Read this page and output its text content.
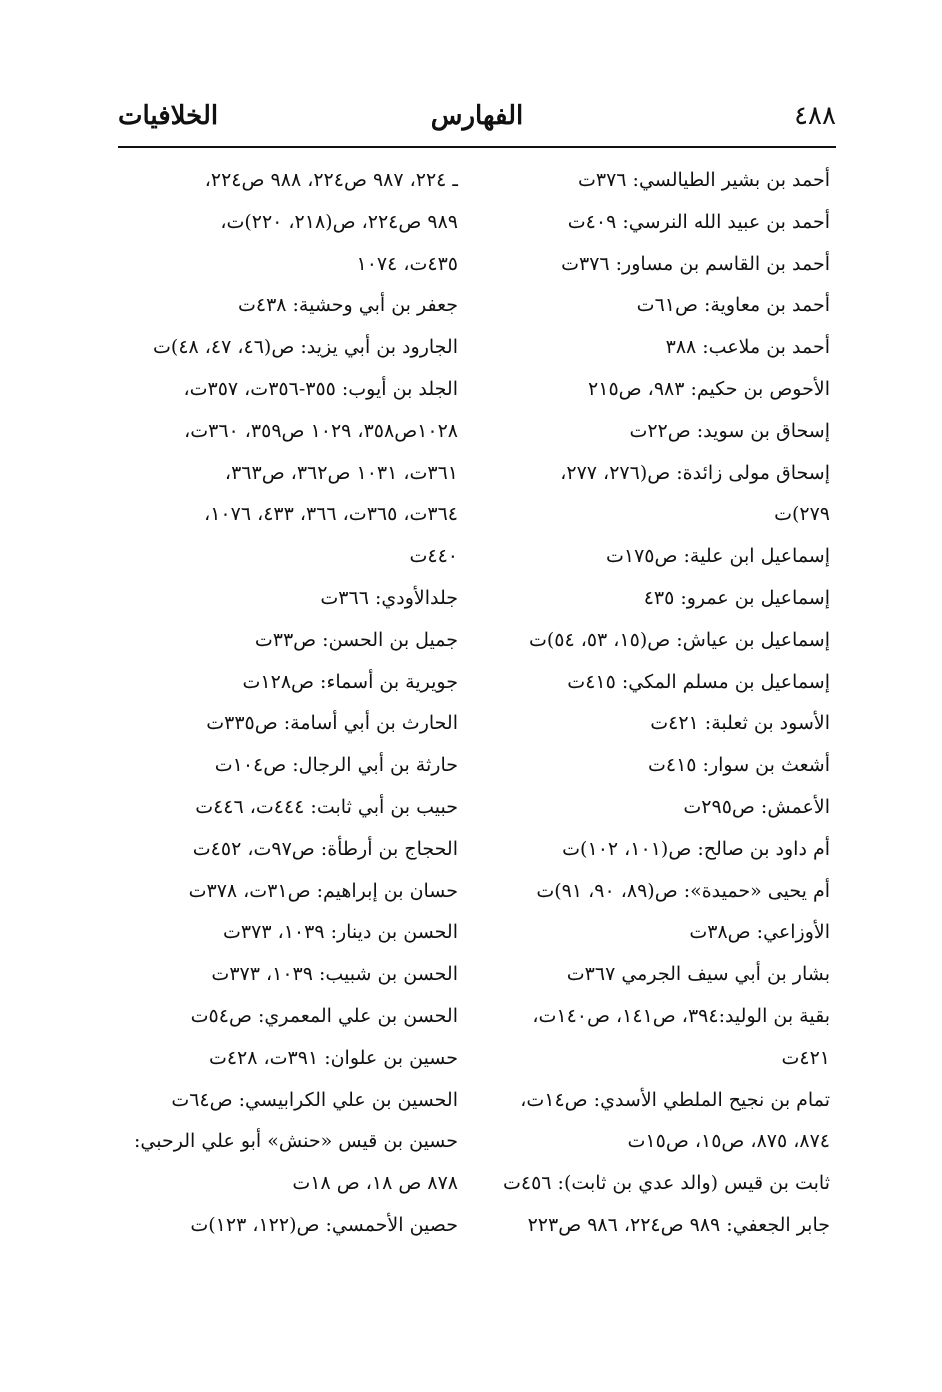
الخلافيات	الفهارس	٤٨٨
أحمد بن بشير الطيالسي: ٣٧٦ت
أحمد بن عبيد الله النرسي: ٤٠٩ت
أحمد بن القاسم بن مساور: ٣٧٦ت
أحمد بن معاوية: ص٦١ت
أحمد بن ملاعب: ٣٨٨
الأحوص بن حكيم: ٩٨٣، ص٢١٥
إسحاق بن سويد: ص٢٢ت
إسحاق مولى زائدة: ص(٢٧٦، ٢٧٧،
٢٧٩)ت
إسماعيل ابن علية: ص١٧٥ت
إسماعيل بن عمرو: ٤٣٥
إسماعيل بن عياش: ص(١٥، ٥٣، ٥٤)ت
إسماعيل بن مسلم المكي: ٤١٥ت
الأسود بن ثعلبة: ٤٢١ت
أشعث بن سوار: ٤١٥ت
الأعمش: ص٢٩٥ت
أم داود بن صالح: ص(١٠١، ١٠٢)ت
أم يحيى «حميدة»: ص(٨٩، ٩٠، ٩١)ت
الأوزاعي: ص٣٨ت
بشار بن أبي سيف الجرمي ٣٦٧ت
بقية بن الوليد:٣٩٤، ص١٤١، ص١٤٠ت،
٤٢١ت
تمام بن نجيح الملطي الأسدي: ص١٤ت،
٨٧٤، ٨٧٥، ص١٥، ص١٥ت
ثابت بن قيس (والد عدي بن ثابت): ٤٥٦ت
جابر الجعفي: ٩٨٩ ص٢٢٤، ٩٨٦ ص٢٢٣
ـ ٢٢٤، ٩٨٧ ص٢٢٤، ٩٨٨ ص٢٢٤،
٩٨٩ ص٢٢٤، ص(٢١٨، ٢٢٠)ت،
٤٣٥ت، ١٠٧٤
جعفر بن أبي وحشية: ٤٣٨ت
الجارود بن أبي يزيد: ص(٤٦، ٤٧، ٤٨)ت
الجلد بن أيوب: ٣٥٥-٣٥٦ت، ٣٥٧ت،
١٠٢٨ص٣٥٨، ١٠٢٩ ص٣٥٩، ٣٦٠ت،
٣٦١ت، ١٠٣١ ص٣٦٢، ص٣٦٣،
٣٦٤ت، ٣٦٥ت، ٣٦٦، ٤٣٣، ١٠٧٦،
٤٤٠ت
جلدالأودي: ٣٦٦ت
جميل بن الحسن: ص٣٣ت
جويرية بن أسماء: ص١٢٨ت
الحارث بن أبي أسامة: ص٣٣٥ت
حارثة بن أبي الرجال: ص١٠٤ت
حبيب بن أبي ثابت: ٤٤٤ت، ٤٤٦ت
الحجاج بن أرطأة: ص٩٧ت، ٤٥٢ت
حسان بن إبراهيم: ص٣١ت، ٣٧٨ت
الحسن بن دينار: ١٠٣٩، ٣٧٣ت
الحسن بن شبيب: ١٠٣٩، ٣٧٣ت
الحسن بن علي المعمري: ص٥٤ت
حسين بن علوان: ٣٩١ت، ٤٢٨ت
الحسين بن علي الكرابيسي: ص٦٤ت
حسين بن قيس «حنش» أبو علي الرحبي:
٨٧٨ ص ١٨، ص ١٨ت
حصين الأحمسي: ص(١٢٢، ١٢٣)ت
